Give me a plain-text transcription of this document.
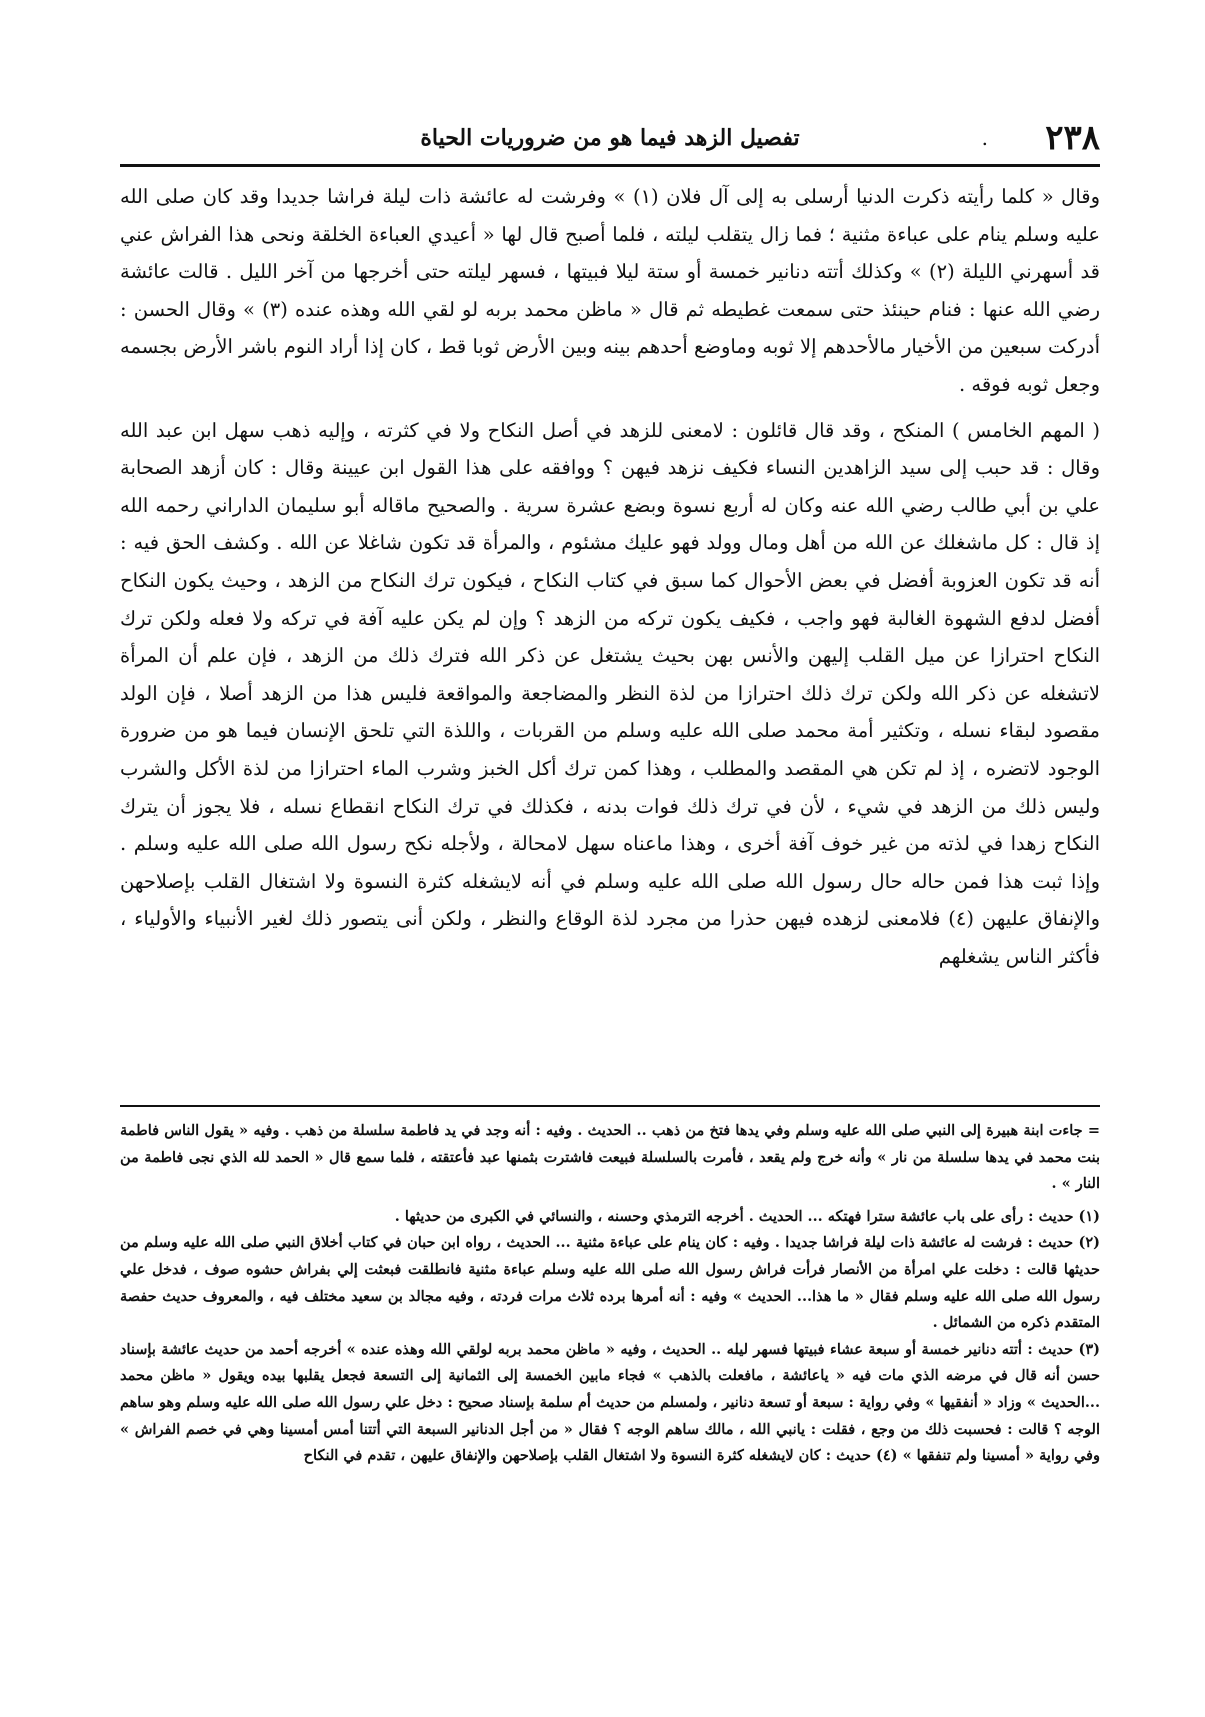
٢٣٨
.
تفصيل الزهد فيما هو من ضروريات الحياة

وقال « كلما رأيته ذكرت الدنيا أرسلى به إلى آل فلان (١) » وفرشت له عائشة ذات ليلة فراشا جديدا وقد كان صلى الله عليه وسلم ينام على عباءة مثنية ؛ فما زال يتقلب ليلته ، فلما أصبح قال لها « أعيدي العباءة الخلقة ونحى هذا الفراش عني قد أسهرني الليلة (٢) » وكذلك أتته دنانير خمسة أو ستة ليلا فبيتها ، فسهر ليلته حتى أخرجها من آخر الليل . قالت عائشة رضي الله عنها : فنام حينئذ حتى سمعت غطيطه ثم قال « ماظن محمد بربه لو لقي الله وهذه عنده (٣) » وقال الحسن : أدركت سبعين من الأخيار مالأحدهم إلا ثوبه وماوضع أحدهم بينه وبين الأرض ثوبا قط ، كان إذا أراد النوم باشر الأرض بجسمه وجعل ثوبه فوقه .

( المهم الخامس ) المنكح ، وقد قال قائلون : لامعنى للزهد في أصل النكاح ولا في كثرته ، وإليه ذهب سهل ابن عبد الله وقال : قد حبب إلى سيد الزاهدين النساء فكيف نزهد فيهن ؟ ووافقه على هذا القول ابن عيينة وقال : كان أزهد الصحابة علي بن أبي طالب رضي الله عنه وكان له أربع نسوة وبضع عشرة سرية . والصحيح ماقاله أبو سليمان الداراني رحمه الله إذ قال : كل ماشغلك عن الله من أهل ومال وولد فهو عليك مشئوم ، والمرأة قد تكون شاغلا عن الله . وكشف الحق فيه : أنه قد تكون العزوبة أفضل في بعض الأحوال كما سبق في كتاب النكاح ، فيكون ترك النكاح من الزهد ، وحيث يكون النكاح أفضل لدفع الشهوة الغالبة فهو واجب ، فكيف يكون تركه من الزهد ؟ وإن لم يكن عليه آفة في تركه ولا فعله ولكن ترك النكاح احترازا عن ميل القلب إليهن والأنس بهن بحيث يشتغل عن ذكر الله فترك ذلك من الزهد ، فإن علم أن المرأة لاتشغله عن ذكر الله ولكن ترك ذلك احترازا من لذة النظر والمضاجعة والمواقعة فليس هذا من الزهد أصلا ، فإن الولد مقصود لبقاء نسله ، وتكثير أمة محمد صلى الله عليه وسلم من القربات ، واللذة التي تلحق الإنسان فيما هو من ضرورة الوجود لاتضره ، إذ لم تكن هي المقصد والمطلب ، وهذا كمن ترك أكل الخبز وشرب الماء احترازا من لذة الأكل والشرب وليس ذلك من الزهد في شيء ، لأن في ترك ذلك فوات بدنه ، فكذلك في ترك النكاح انقطاع نسله ، فلا يجوز أن يترك النكاح زهدا في لذته من غير خوف آفة أخرى ، وهذا ماعناه سهل لامحالة ، ولأجله نكح رسول الله صلى الله عليه وسلم . وإذا ثبت هذا فمن حاله حال رسول الله صلى الله عليه وسلم في أنه لايشغله كثرة النسوة ولا اشتغال القلب بإصلاحهن والإنفاق عليهن (٤) فلامعنى لزهده فيهن حذرا من مجرد لذة الوقاع والنظر ، ولكن أنى يتصور ذلك لغير الأنبياء والأولياء ، فأكثر الناس يشغلهم

= جاءت ابنة هبيرة إلى النبي صلى الله عليه وسلم وفي يدها فتخ من ذهب .. الحديث . وفيه : أنه وجد في يد فاطمة سلسلة من ذهب . وفيه « يقول الناس فاطمة بنت محمد في يدها سلسلة من نار » وأنه خرج ولم يقعد ، فأمرت بالسلسلة فبيعت فاشترت بثمنها عبد فأعتقته ، فلما سمع قال « الحمد لله الذي نجى فاطمة من النار » .

(١) حديث : رأى على باب عائشة سترا فهتكه ... الحديث . أخرجه الترمذي وحسنه ، والنسائي في الكبرى من حديثها .

(٢) حديث : فرشت له عائشة ذات ليلة فراشا جديدا . وفيه : كان ينام على عباءة مثنية ... الحديث ، رواه ابن حبان في كتاب أخلاق النبي صلى الله عليه وسلم من حديثها قالت : دخلت علي امرأة من الأنصار فرأت فراش رسول الله صلى الله عليه وسلم عباءة مثنية فانطلقت فبعثت إلي بفراش حشوه صوف ، فدخل علي رسول الله صلى الله عليه وسلم فقال « ما هذا... الحديث » وفيه : أنه أمرها برده ثلاث مرات فردته ، وفيه مجالد بن سعيد مختلف فيه ، والمعروف حديث حفصة المتقدم ذكره من الشمائل .

(٣) حديث : أتته دنانير خمسة أو سبعة عشاء فبيتها فسهر ليله .. الحديث ، وفيه « ماظن محمد بربه لولقي الله وهذه عنده » أخرجه أحمد من حديث عائشة بإسناد حسن أنه قال في مرضه الذي مات فيه « ياعائشة ، مافعلت بالذهب » فجاء مابين الخمسة إلى الثمانية إلى التسعة فجعل يقلبها بيده ويقول « ماظن محمد ...الحديث » وزاد « أنفقيها » وفي رواية : سبعة أو تسعة دنانير ، ولمسلم من حديث أم سلمة بإسناد صحيح : دخل علي رسول الله صلى الله عليه وسلم وهو ساهم الوجه ؟ قالت : فحسبت ذلك من وجع ، فقلت : يانبي الله ، مالك ساهم الوجه ؟ فقال « من أجل الدنانير السبعة التي أتتنا أمس أمسينا وهي في خصم الفراش » وفي رواية « أمسينا ولم تنفقها » (٤) حديث : كان لايشغله كثرة النسوة ولا اشتغال القلب بإصلاحهن والإنفاق عليهن ، تقدم في النكاح
